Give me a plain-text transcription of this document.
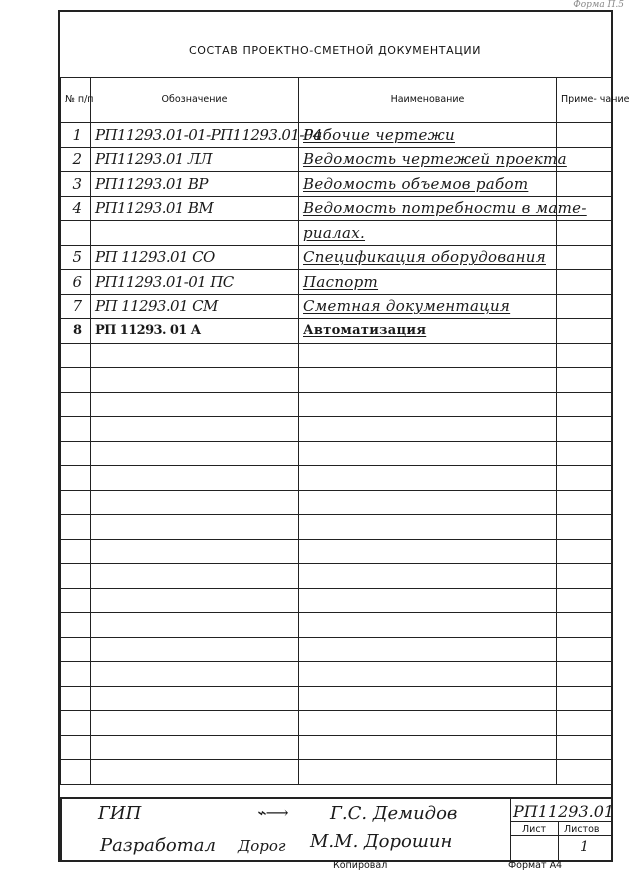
Форма П.5
СОСТАВ ПРОЕКТНО-СМЕТНОЙ ДОКУМЕНТАЦИИ
№ п/п	Обозначение	Наименование	Приме- чание
1	РП11293.01-01-РП11293.01-04	Рабочие чертежи	
2	РП11293.01 ЛЛ	Ведомость чертежей проекта	
3	РП11293.01 ВР	Ведомость объемов работ	
4	РП11293.01 ВМ	Ведомость потребности в мате-	
		риалах.	
5	РП 11293.01 СО	Спецификация оборудования	
6	РП11293.01-01 ПС	Паспорт	
7	РП 11293.01 СМ	Сметная документация	
8	РП 11293. 01 А	Автоматизация	

ГИП	⌁⟶ Г.С. Демидов
Разработал Дорог М.М. Дорошин
РП11293.01
Лист Листов
1
Копировал	Формат А4
